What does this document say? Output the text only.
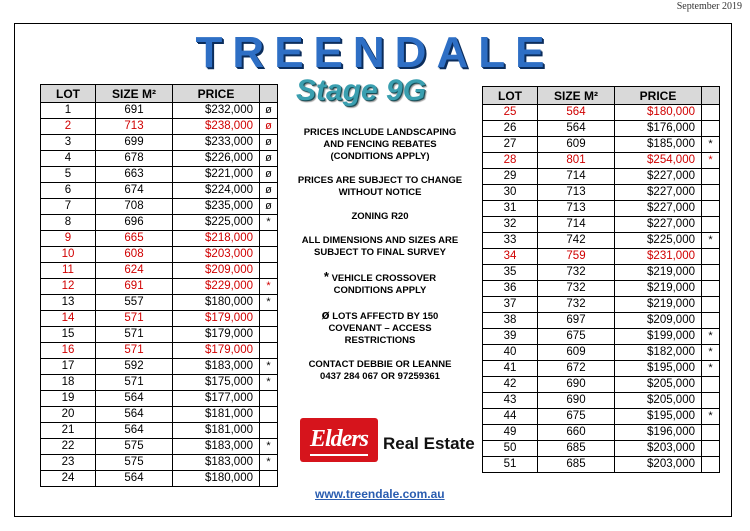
September 2019
TREENDALE
Stage 9G
LOT	SIZE M²	PRICE	
1	691	$232,000	ø
2	713	$238,000	ø
3	699	$233,000	ø
4	678	$226,000	ø
5	663	$221,000	ø
6	674	$224,000	ø
7	708	$235,000	ø
8	696	$225,000	*
9	665	$218,000	
10	608	$203,000	
11	624	$209,000	
12	691	$229,000	*
13	557	$180,000	*
14	571	$179,000	
15	571	$179,000	
16	571	$179,000	
17	592	$183,000	*
18	571	$175,000	*
19	564	$177,000	
20	564	$181,000	
21	564	$181,000	
22	575	$183,000	*
23	575	$183,000	*
24	564	$180,000	
LOT	SIZE M²	PRICE	
25	564	$180,000	
26	564	$176,000	
27	609	$185,000	*
28	801	$254,000	*
29	714	$227,000	
30	713	$227,000	
31	713	$227,000	
32	714	$227,000	
33	742	$225,000	*
34	759	$231,000	
35	732	$219,000	
36	732	$219,000	
37	732	$219,000	
38	697	$209,000	
39	675	$199,000	*
40	609	$182,000	*
41	672	$195,000	*
42	690	$205,000	
43	690	$205,000	
44	675	$195,000	*
49	660	$196,000	
50	685	$203,000	
51	685	$203,000	

PRICES INCLUDE LANDSCAPING
AND FENCING REBATES
(CONDITIONS APPLY)

PRICES ARE SUBJECT TO CHANGE
WITHOUT NOTICE

ZONING R20

ALL DIMENSIONS AND SIZES ARE
SUBJECT TO FINAL SURVEY

* VEHICLE CROSSOVER
CONDITIONS APPLY

ø LOTS AFFECTD BY 150
COVENANT – ACCESS
RESTRICTIONS

CONTACT DEBBIE OR LEANNE
0437 284 067 OR 97259361

Elders Real Estate
www.treendale.com.au
